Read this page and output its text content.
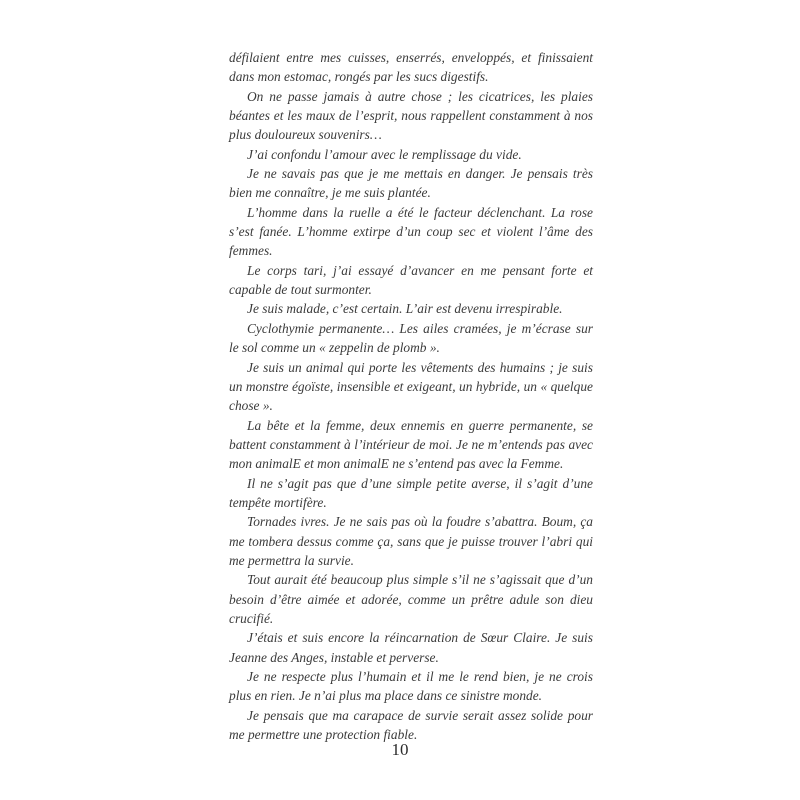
défilaient entre mes cuisses, enserrés, enveloppés, et finissaient dans mon estomac, rongés par les sucs digestifs.

On ne passe jamais à autre chose ; les cicatrices, les plaies béantes et les maux de l’esprit, nous rappellent constamment à nos plus douloureux souvenirs…

J’ai confondu l’amour avec le remplissage du vide.

Je ne savais pas que je me mettais en danger. Je pensais très bien me connaître, je me suis plantée.

L’homme dans la ruelle a été le facteur déclenchant. La rose s’est fanée. L’homme extirpe d’un coup sec et violent l’âme des femmes.

Le corps tari, j’ai essayé d’avancer en me pensant forte et capable de tout surmonter.

Je suis malade, c’est certain. L’air est devenu irrespirable.

Cyclothymie permanente… Les ailes cramées, je m’écrase sur le sol comme un « zeppelin de plomb ».

Je suis un animal qui porte les vêtements des humains ; je suis un monstre égoïste, insensible et exigeant, un hybride, un « quelque chose ».

La bête et la femme, deux ennemis en guerre permanente, se battent constamment à l’intérieur de moi. Je ne m’entends pas avec mon animalE et mon animalE ne s’entend pas avec la Femme.

Il ne s’agit pas que d’une simple petite averse, il s’agit d’une tempête mortifère.

Tornades ivres. Je ne sais pas où la foudre s’abattra. Boum, ça me tombera dessus comme ça, sans que je puisse trouver l’abri qui me permettra la survie.

Tout aurait été beaucoup plus simple s’il ne s’agissait que d’un besoin d’être aimée et adorée, comme un prêtre adule son dieu crucifié.

J’étais et suis encore la réincarnation de Sœur Claire. Je suis Jeanne des Anges, instable et perverse.

Je ne respecte plus l’humain et il me le rend bien, je ne crois plus en rien. Je n’ai plus ma place dans ce sinistre monde.

Je pensais que ma carapace de survie serait assez solide pour me permettre une protection fiable.

10
